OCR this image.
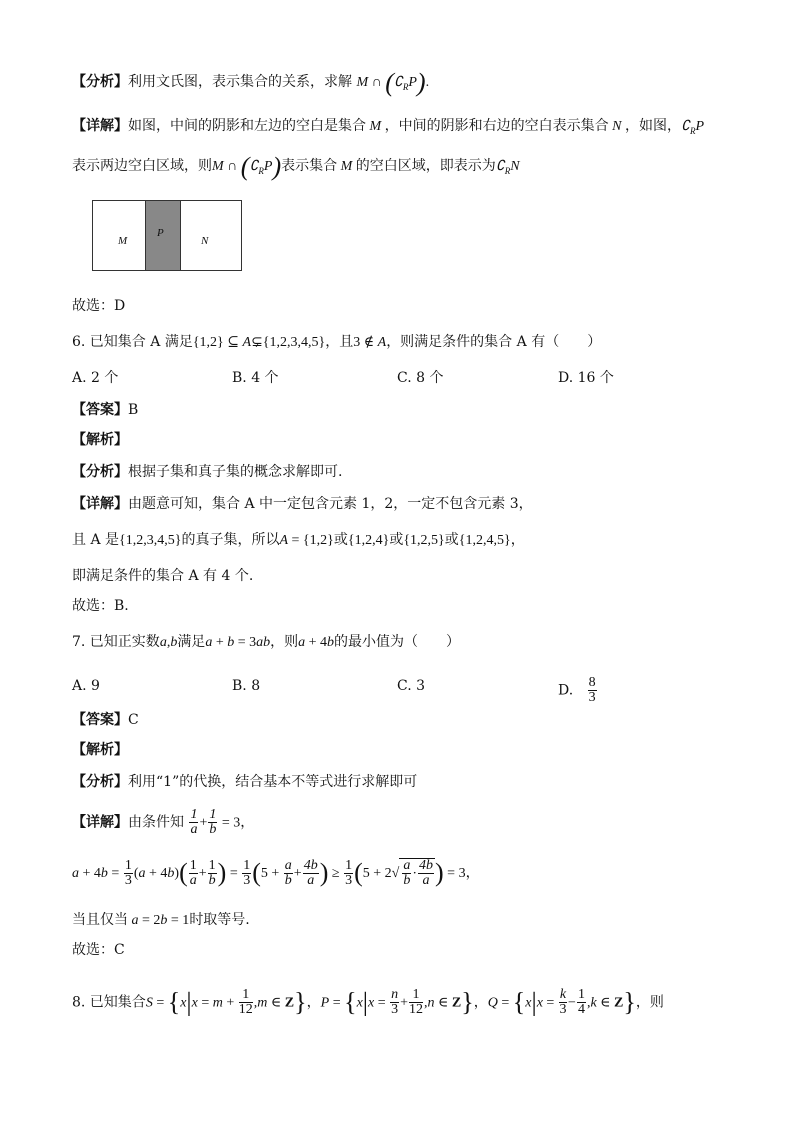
【分析】利用文氏图，表示集合的关系，求解 M ∩ $(∁_RP)$.
【详解】如图，中间的阴影和左边的空白是集合 M ，中间的阴影和右边的空白表示集合 N ，如图，$∁_RP$
表示两边空白区域，则M ∩ $(∁_RP)$表示集合 M 的空白区域，即表示为$∁_RN$
M
P
N
故选：D
6. 已知集合 A 满足{1,2} ⊆ A⊊{1,2,3,4,5}，且3 ∉ A，则满足条件的集合 A 有（　　）
A. 2 个	B. 4 个	C. 8 个	D. 16 个
【答案】B
【解析】
【分析】根据子集和真子集的概念求解即可.
【详解】由题意可知，集合 A 中一定包含元素 1，2，一定不包含元素 3，
且 A 是{1,2,3,4,5}的真子集，所以A = {1,2}或{1,2,4}或{1,2,5}或{1,2,4,5}，
即满足条件的集合 A 有 4 个.
故选：B.
7. 已知正实数a,b满足a + b = 3ab，则a + 4b的最小值为（　　）
A. 9	B. 8	C. 3	D. $\frac{8}{3}$
【答案】C
【解析】
【分析】利用“1”的代换，结合基本不等式进行求解即可
【详解】由条件知 $\frac{1}{a} + \frac{1}{b} = 3$，
$a + 4b = \frac{1}{3} (a + 4b)( \frac{1}{a} + \frac{1}{b}$ ) = $\frac{1}{3} (5 + \frac{a}{b} + \frac{4b}{a}$ ) ≥ $\frac{1}{3} (5 + 2√ \frac{a}{b} \cdot \frac{4b}{a}$ ) = 3，
当且仅当 a = 2b = 1时取等号.
故选：C
8. 已知集合$S = \{x|x = m + \frac{1}{12} ,m$ ∈ Z}，$P = \{x|x = \frac{n}{3} + \frac{1}{12} ,n$ ∈ Z}，$Q = \{x|x = \frac{k}{3} - \frac{1}{4} ,k$ ∈ Z}，则
